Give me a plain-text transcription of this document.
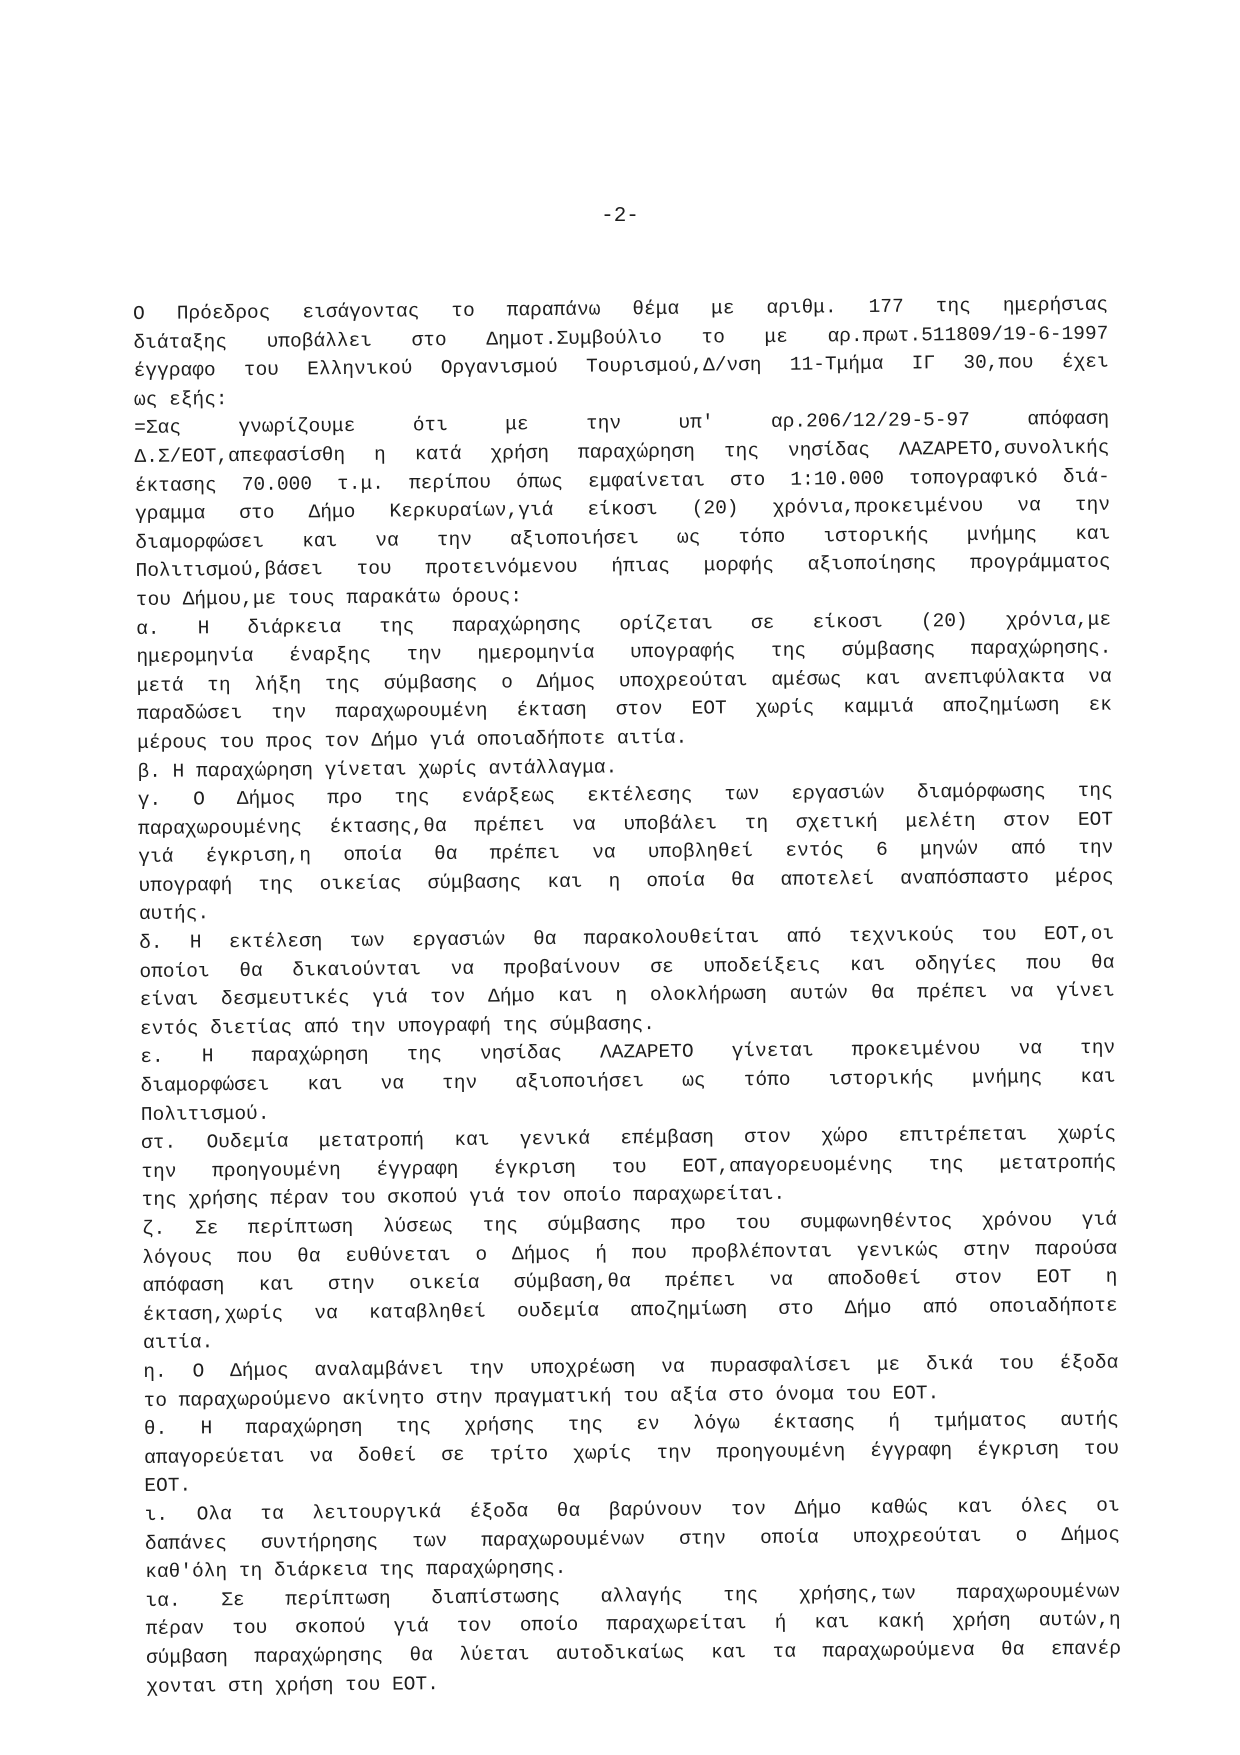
-2-

Ο Πρόεδρος εισάγοντας το παραπάνω θέμα με αριθμ. 177 της ημερήσιας

διάταξης υποβάλλει στο Δημοτ.Συμβούλιο το με αρ.πρωτ.511809/19-6-1997

έγγραφο του Ελληνικού Οργανισμού Τουρισμού,Δ/νση 11-Τμήμα ΙΓ 30,που έχει

ως εξής:

=Σας γνωρίζουμε ότι με την υπ' αρ.206/12/29-5-97 απόφαση

Δ.Σ/ΕΟΤ,απεφασίσθη η κατά χρήση παραχώρηση της νησίδας ΛΑΖΑΡΕΤΟ,συνολικής

έκτασης 70.000 τ.μ. περίπου όπως εμφαίνεται στο 1:10.000 τοπογραφικό διά-

γραμμα στο Δήμο Κερκυραίων,γιά είκοσι (20) χρόνια,προκειμένου να την

διαμορφώσει και να την αξιοποιήσει ως τόπο ιστορικής μνήμης και

Πολιτισμού,βάσει του προτεινόμενου ήπιας μορφής αξιοποίησης προγράμματος

του Δήμου,με τους παρακάτω όρους:

α. Η διάρκεια της παραχώρησης ορίζεται σε είκοσι (20) χρόνια,με

ημερομηνία έναρξης την ημερομηνία υπογραφής της σύμβασης παραχώρησης.

μετά τη λήξη της σύμβασης ο Δήμος υποχρεούται αμέσως και ανεπιφύλακτα να

παραδώσει την παραχωρουμένη έκταση στον ΕΟΤ χωρίς καμμιά αποζημίωση εκ

μέρους του προς τον Δήμο γιά οποιαδήποτε αιτία.

β. Η παραχώρηση γίνεται χωρίς αντάλλαγμα.

γ. Ο Δήμος προ της ενάρξεως εκτέλεσης των εργασιών διαμόρφωσης της

παραχωρουμένης έκτασης,θα πρέπει να υποβάλει τη σχετική μελέτη στον ΕΟΤ

γιά έγκριση,η οποία θα πρέπει να υποβληθεί εντός 6 μηνών από την

υπογραφή της οικείας σύμβασης και η οποία θα αποτελεί αναπόσπαστο μέρος

αυτής.

δ. Η εκτέλεση των εργασιών θα παρακολουθείται από τεχνικούς του ΕΟΤ,οι

οποίοι θα δικαιούνται να προβαίνουν σε υποδείξεις και οδηγίες που θα

είναι δεσμευτικές γιά τον Δήμο και η ολοκλήρωση αυτών θα πρέπει να γίνει

εντός διετίας από την υπογραφή της σύμβασης.

ε. Η παραχώρηση της νησίδας ΛΑΖΑΡΕΤΟ γίνεται προκειμένου να την

διαμορφώσει και να την αξιοποιήσει ως τόπο ιστορικής μνήμης και

Πολιτισμού.

στ. Ουδεμία μετατροπή και γενικά επέμβαση στον χώρο επιτρέπεται χωρίς

την προηγουμένη έγγραφη έγκριση του ΕΟΤ,απαγορευομένης της μετατροπής

της χρήσης πέραν του σκοπού γιά τον οποίο παραχωρείται.

ζ. Σε περίπτωση λύσεως της σύμβασης προ του συμφωνηθέντος χρόνου γιά

λόγους που θα ευθύνεται ο Δήμος ή που προβλέπονται γενικώς στην παρούσα

απόφαση και στην οικεία σύμβαση,θα πρέπει να αποδοθεί στον ΕΟΤ η

έκταση,χωρίς να καταβληθεί ουδεμία αποζημίωση στο Δήμο από οποιαδήποτε

αιτία.

η. Ο Δήμος αναλαμβάνει την υποχρέωση να πυρασφαλίσει με δικά του έξοδα

το παραχωρούμενο ακίνητο στην πραγματική του αξία στο όνομα του ΕΟΤ.

θ. Η παραχώρηση της χρήσης της εν λόγω έκτασης ή τμήματος αυτής

απαγορεύεται να δοθεί σε τρίτο χωρίς την προηγουμένη έγγραφη έγκριση του

ΕΟΤ.

ι. Ολα τα λειτουργικά έξοδα θα βαρύνουν τον Δήμο καθώς και όλες οι

δαπάνες συντήρησης των παραχωρουμένων στην οποία υποχρεούται ο Δήμος

καθ'όλη τη διάρκεια της παραχώρησης.

ια. Σε περίπτωση διαπίστωσης αλλαγής της χρήσης,των παραχωρουμένων

πέραν του σκοπού γιά τον οποίο παραχωρείται ή και κακή χρήση αυτών,η

σύμβαση παραχώρησης θα λύεται αυτοδικαίως και τα παραχωρούμενα θα επανέρ

χονται στη χρήση του ΕΟΤ.
